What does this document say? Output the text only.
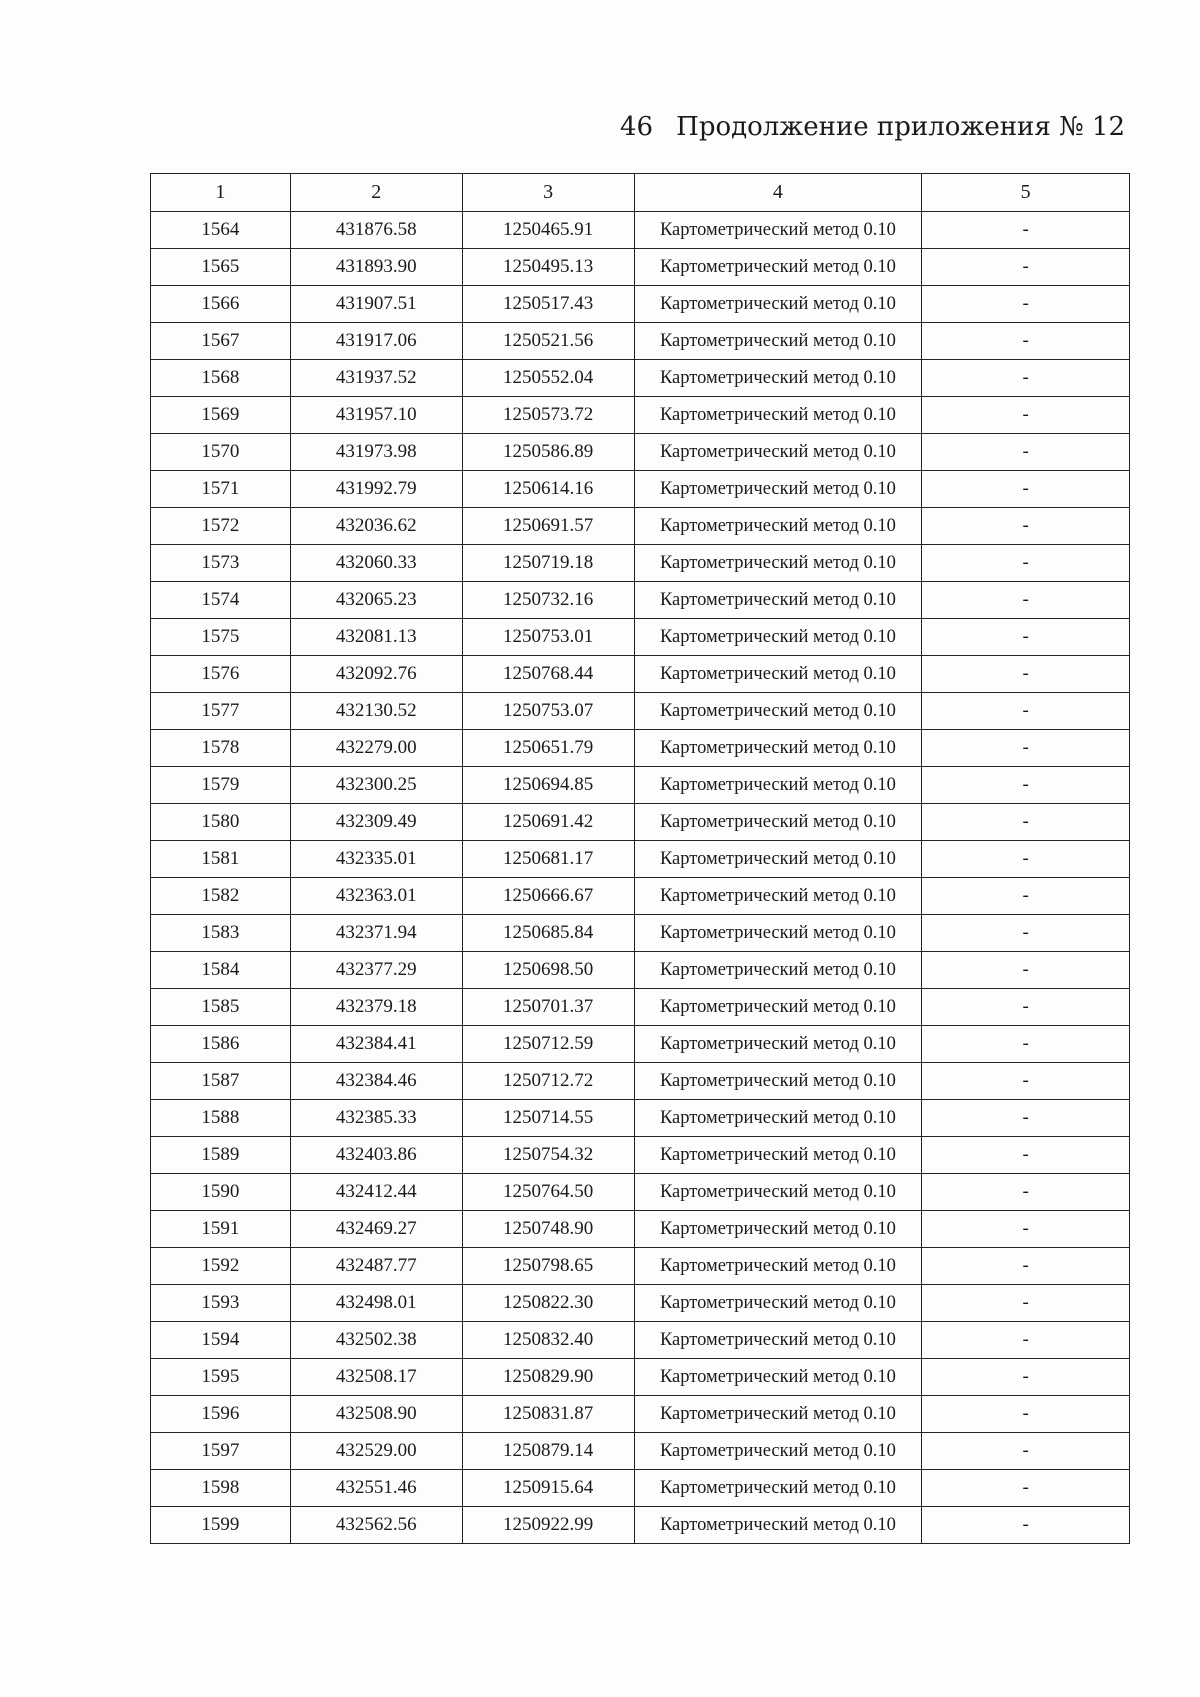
46 Продолжение приложения № 12
1	2	3	4	5
1564	431876.58	1250465.91	Картометрический метод 0.10	-
1565	431893.90	1250495.13	Картометрический метод 0.10	-
1566	431907.51	1250517.43	Картометрический метод 0.10	-
1567	431917.06	1250521.56	Картометрический метод 0.10	-
1568	431937.52	1250552.04	Картометрический метод 0.10	-
1569	431957.10	1250573.72	Картометрический метод 0.10	-
1570	431973.98	1250586.89	Картометрический метод 0.10	-
1571	431992.79	1250614.16	Картометрический метод 0.10	-
1572	432036.62	1250691.57	Картометрический метод 0.10	-
1573	432060.33	1250719.18	Картометрический метод 0.10	-
1574	432065.23	1250732.16	Картометрический метод 0.10	-
1575	432081.13	1250753.01	Картометрический метод 0.10	-
1576	432092.76	1250768.44	Картометрический метод 0.10	-
1577	432130.52	1250753.07	Картометрический метод 0.10	-
1578	432279.00	1250651.79	Картометрический метод 0.10	-
1579	432300.25	1250694.85	Картометрический метод 0.10	-
1580	432309.49	1250691.42	Картометрический метод 0.10	-
1581	432335.01	1250681.17	Картометрический метод 0.10	-
1582	432363.01	1250666.67	Картометрический метод 0.10	-
1583	432371.94	1250685.84	Картометрический метод 0.10	-
1584	432377.29	1250698.50	Картометрический метод 0.10	-
1585	432379.18	1250701.37	Картометрический метод 0.10	-
1586	432384.41	1250712.59	Картометрический метод 0.10	-
1587	432384.46	1250712.72	Картометрический метод 0.10	-
1588	432385.33	1250714.55	Картометрический метод 0.10	-
1589	432403.86	1250754.32	Картометрический метод 0.10	-
1590	432412.44	1250764.50	Картометрический метод 0.10	-
1591	432469.27	1250748.90	Картометрический метод 0.10	-
1592	432487.77	1250798.65	Картометрический метод 0.10	-
1593	432498.01	1250822.30	Картометрический метод 0.10	-
1594	432502.38	1250832.40	Картометрический метод 0.10	-
1595	432508.17	1250829.90	Картометрический метод 0.10	-
1596	432508.90	1250831.87	Картометрический метод 0.10	-
1597	432529.00	1250879.14	Картометрический метод 0.10	-
1598	432551.46	1250915.64	Картометрический метод 0.10	-
1599	432562.56	1250922.99	Картометрический метод 0.10	-
